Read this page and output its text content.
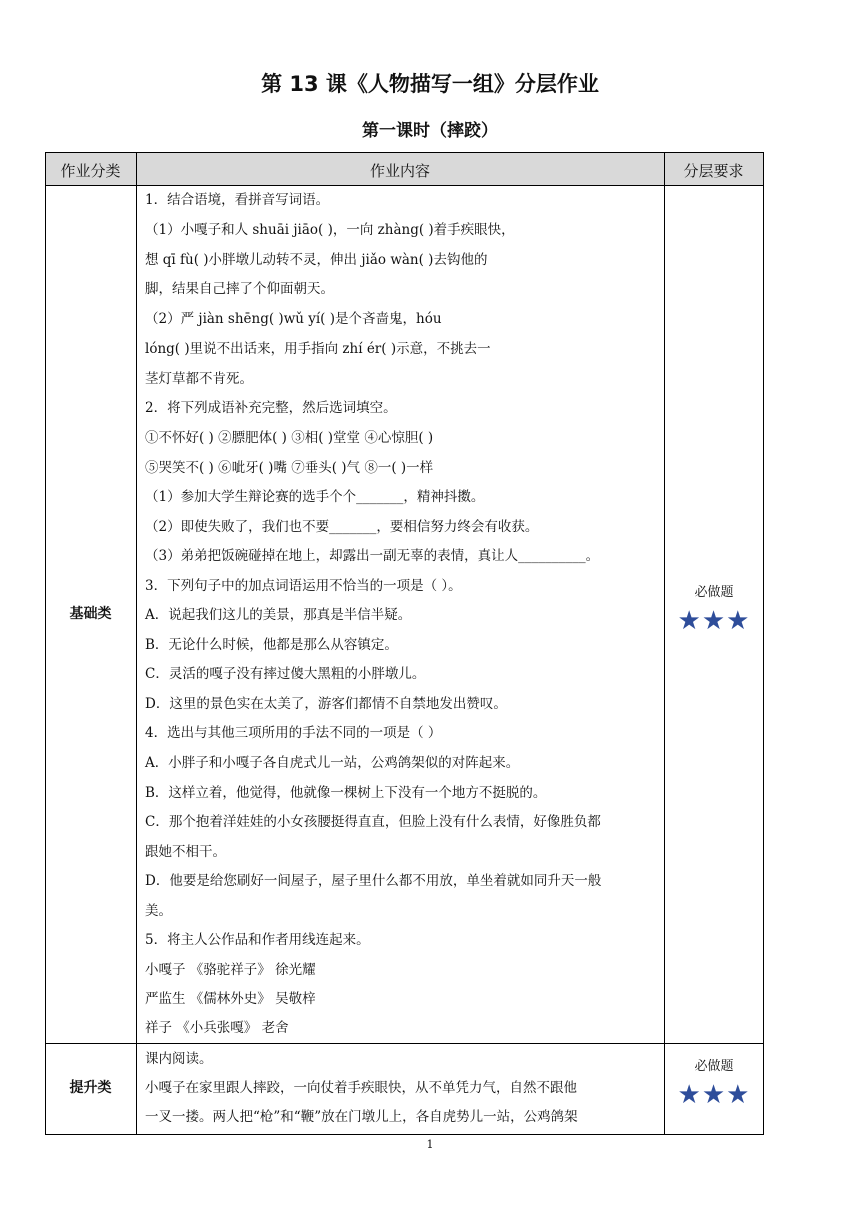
第 13 课《人物描写一组》分层作业
第一课时（摔跤）
作业分类	作业内容	分层要求
基础类
必做题
★★★
1．结合语境，看拼音写词语。
（1）小嘎子和人 shuāi jiāo( )，一向 zhàng( )着手疾眼快，
想 qī fù( )小胖墩儿动转不灵，伸出 jiǎo wàn( )去钩他的
脚，结果自己摔了个仰面朝天。
（2）严 jiàn shēng( )wǔ yí( )是个吝啬鬼，hóu
lóng( )里说不出话来，用手指向 zhí ér( )示意，不挑去一
茎灯草都不肯死。
2．将下列成语补充完整，然后选词填空。
①不怀好( ) ②膘肥体( ) ③相( )堂堂 ④心惊胆( )
⑤哭笑不( ) ⑥呲牙( )嘴 ⑦垂头( )气 ⑧一( )一样
（1）参加大学生辩论赛的选手个个_______，精神抖擞。
（2）即使失败了，我们也不要_______，要相信努力终会有收获。
（3）弟弟把饭碗碰掉在地上，却露出一副无辜的表情，真让人__________。
3．下列句子中的加点词语运用不恰当的一项是（ ）。
A．说起我们这儿的美景，那真是半信半疑。
B．无论什么时候，他都是那么从容镇定。
C．灵活的嘎子没有摔过傻大黑粗的小胖墩儿。
D．这里的景色实在太美了，游客们都情不自禁地发出赞叹。
4．选出与其他三项所用的手法不同的一项是（ ）
A．小胖子和小嘎子各自虎式儿一站，公鸡鸽架似的对阵起来。
B．这样立着，他觉得，他就像一棵树上下没有一个地方不挺脱的。
C．那个抱着洋娃娃的小女孩腰挺得直直，但脸上没有什么表情，好像胜负都
跟她不相干。
D．他要是给您刷好一间屋子，屋子里什么都不用放，单坐着就如同升天一般
美。
5．将主人公作品和作者用线连起来。
小嘎子 《骆驼祥子》 徐光耀
严监生 《儒林外史》 吴敬梓
祥子 《小兵张嘎》 老舍
提升类
必做题
★★★
课内阅读。
小嘎子在家里跟人摔跤，一向仗着手疾眼快，从不单凭力气，自然不跟他
一叉一搂。两人把“枪”和“鞭”放在门墩儿上，各自虎势儿一站，公鸡鸽架
1
